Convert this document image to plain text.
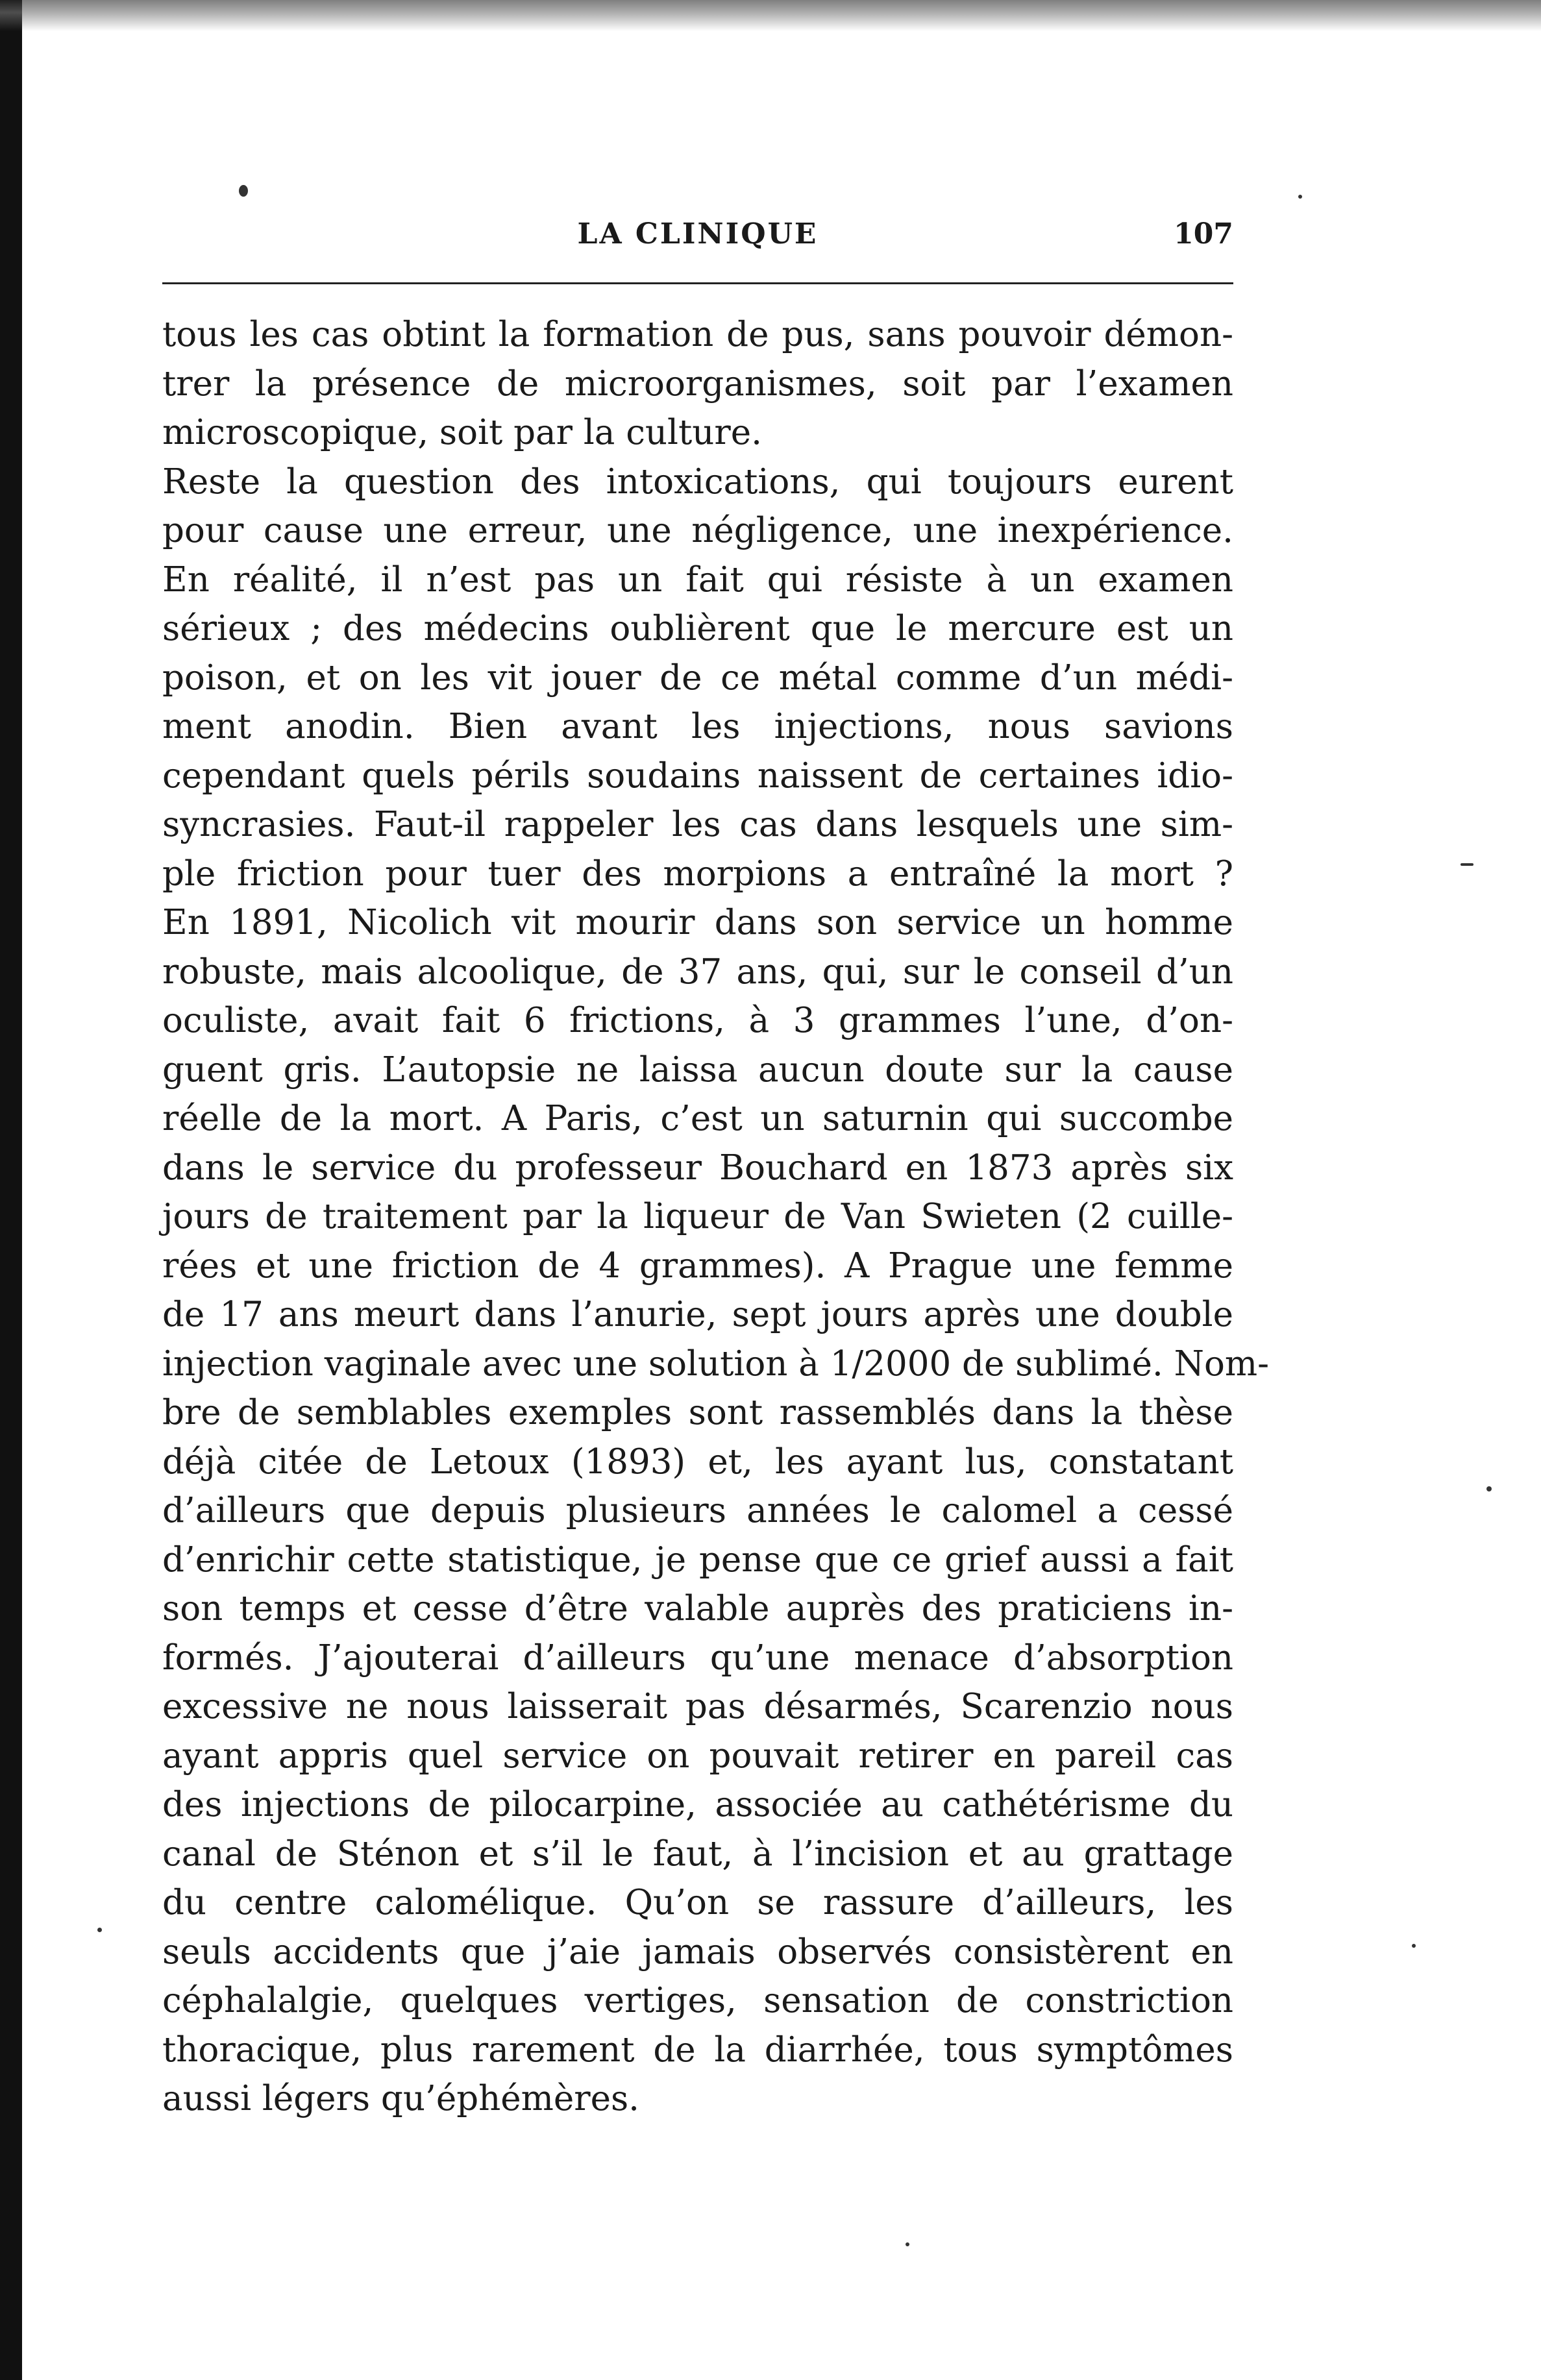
LA CLINIQUE	107
tous les cas obtint la formation de pus, sans pouvoir démon-
trer la présence de microorganismes, soit par l’examen
microscopique, soit par la culture.
Reste la question des intoxications, qui toujours eurent
pour cause une erreur, une négligence, une inexpérience.
En réalité, il n’est pas un fait qui résiste à un examen
sérieux ; des médecins oublièrent que le mercure est un
poison, et on les vit jouer de ce métal comme d’un médi-
ment anodin. Bien avant les injections, nous savions
cependant quels périls soudains naissent de certaines idio-
syncrasies. Faut-il rappeler les cas dans lesquels une sim-
ple friction pour tuer des morpions a entraîné la mort ?
En 1891, Nicolich vit mourir dans son service un homme
robuste, mais alcoolique, de 37 ans, qui, sur le conseil d’un
oculiste, avait fait 6 frictions, à 3 grammes l’une, d’on-
guent gris. L’autopsie ne laissa aucun doute sur la cause
réelle de la mort. A Paris, c’est un saturnin qui succombe
dans le service du professeur Bouchard en 1873 après six
jours de traitement par la liqueur de Van Swieten (2 cuille-
rées et une friction de 4 grammes). A Prague une femme
de 17 ans meurt dans l’anurie, sept jours après une double
injection vaginale avec une solution à 1/2000 de sublimé. Nom-
bre de semblables exemples sont rassemblés dans la thèse
déjà citée de Letoux (1893) et, les ayant lus, constatant
d’ailleurs que depuis plusieurs années le calomel a cessé
d’enrichir cette statistique, je pense que ce grief aussi a fait
son temps et cesse d’être valable auprès des praticiens in-
formés. J’ajouterai d’ailleurs qu’une menace d’absorption
excessive ne nous laisserait pas désarmés, Scarenzio nous
ayant appris quel service on pouvait retirer en pareil cas
des injections de pilocarpine, associée au cathétérisme du
canal de Sténon et s’il le faut, à l’incision et au grattage
du centre calomélique. Qu’on se rassure d’ailleurs, les
seuls accidents que j’aie jamais observés consistèrent en
céphalalgie, quelques vertiges, sensation de constriction
thoracique, plus rarement de la diarrhée, tous symptômes
aussi légers qu’éphémères.
